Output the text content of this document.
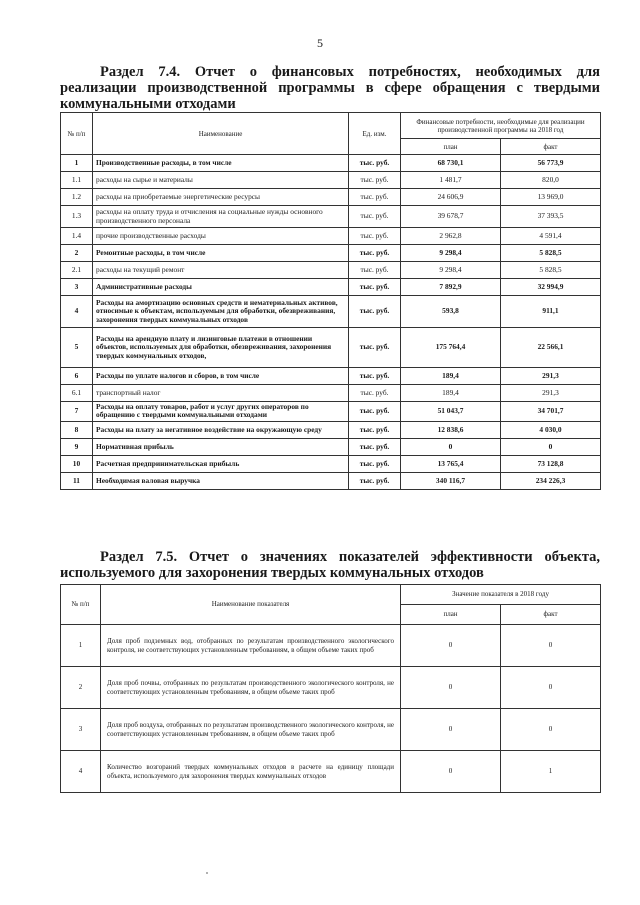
5
Раздел 7.4. Отчет о финансовых потребностях, необходимых для реализации производственной программы в сфере обращения с твердыми коммунальными отходами
№ п/п	Наименование	Ед. изм.	Финансовые потребности, необходимые для реализации производственной программы на 2018 год	
			план	факт
1	Производственные расходы, в том числе	тыс. руб.	68 730,1	56 773,9
1.1	расходы на сырье и материалы	тыс. руб.	1 481,7	820,0
1.2	расходы на приобретаемые энергетические ресурсы	тыс. руб.	24 606,9	13 969,0
1.3	расходы на оплату труда и отчисления на социальные нужды основного производственного персонала	тыс. руб.	39 678,7	37 393,5
1.4	прочие производственные расходы	тыс. руб.	2 962,8	4 591,4
2	Ремонтные расходы, в том числе	тыс. руб.	9 298,4	5 828,5
2.1	расходы на текущий ремонт	тыс. руб.	9 298,4	5 828,5
3	Административные расходы	тыс. руб.	7 892,9	32 994,9
4	Расходы на амортизацию основных средств и нематериальных активов, относимые к объектам, используемым для обработки, обезвреживания, захоронения твердых коммунальных отходов	тыс. руб.	593,8	911,1
5	Расходы на арендную плату и лизинговые платежи в отношении объектов, используемых для обработки, обезвреживания, захоронения твердых коммунальных отходов,	тыс. руб.	175 764,4	22 566,1
6	Расходы по уплате налогов и сборов, в том числе	тыс. руб.	189,4	291,3
6.1	транспортный налог	тыс. руб.	189,4	291,3
7	Расходы на оплату товаров, работ и услуг других операторов по обращению с твердыми коммунальными отходами	тыс. руб.	51 043,7	34 701,7
8	Расходы на плату за негативное воздействие на окружающую среду	тыс. руб.	12 838,6	4 030,0
9	Нормативная прибыль	тыс. руб.	0	0
10	Расчетная предпринимательская прибыль	тыс. руб.	13 765,4	73 128,8
11	Необходимая валовая выручка	тыс. руб.	340 116,7	234 226,3
Раздел 7.5. Отчет о значениях показателей эффективности объекта, используемого для захоронения твердых коммунальных отходов
№ п/п	Наименование показателя	Значение показателя в 2018 году	
		план	факт
1	Доля проб подземных вод, отобранных по результатам производственного экологического контроля, не соответствующих установленным требованиям, в общем объеме таких проб	0	0
2	Доля проб почвы, отобранных по результатам производственного экологического контроля, не соответствующих установленным требованиям, в общем объеме таких проб	0	0
3	Доля проб воздуха, отобранных по результатам производственного экологического контроля, не соответствующих установленным требованиям, в общем объеме таких проб	0	0
4	Количество возгораний твердых коммунальных отходов в расчете на единицу площади объекта, используемого для захоронения твердых коммунальных отходов	0	1
